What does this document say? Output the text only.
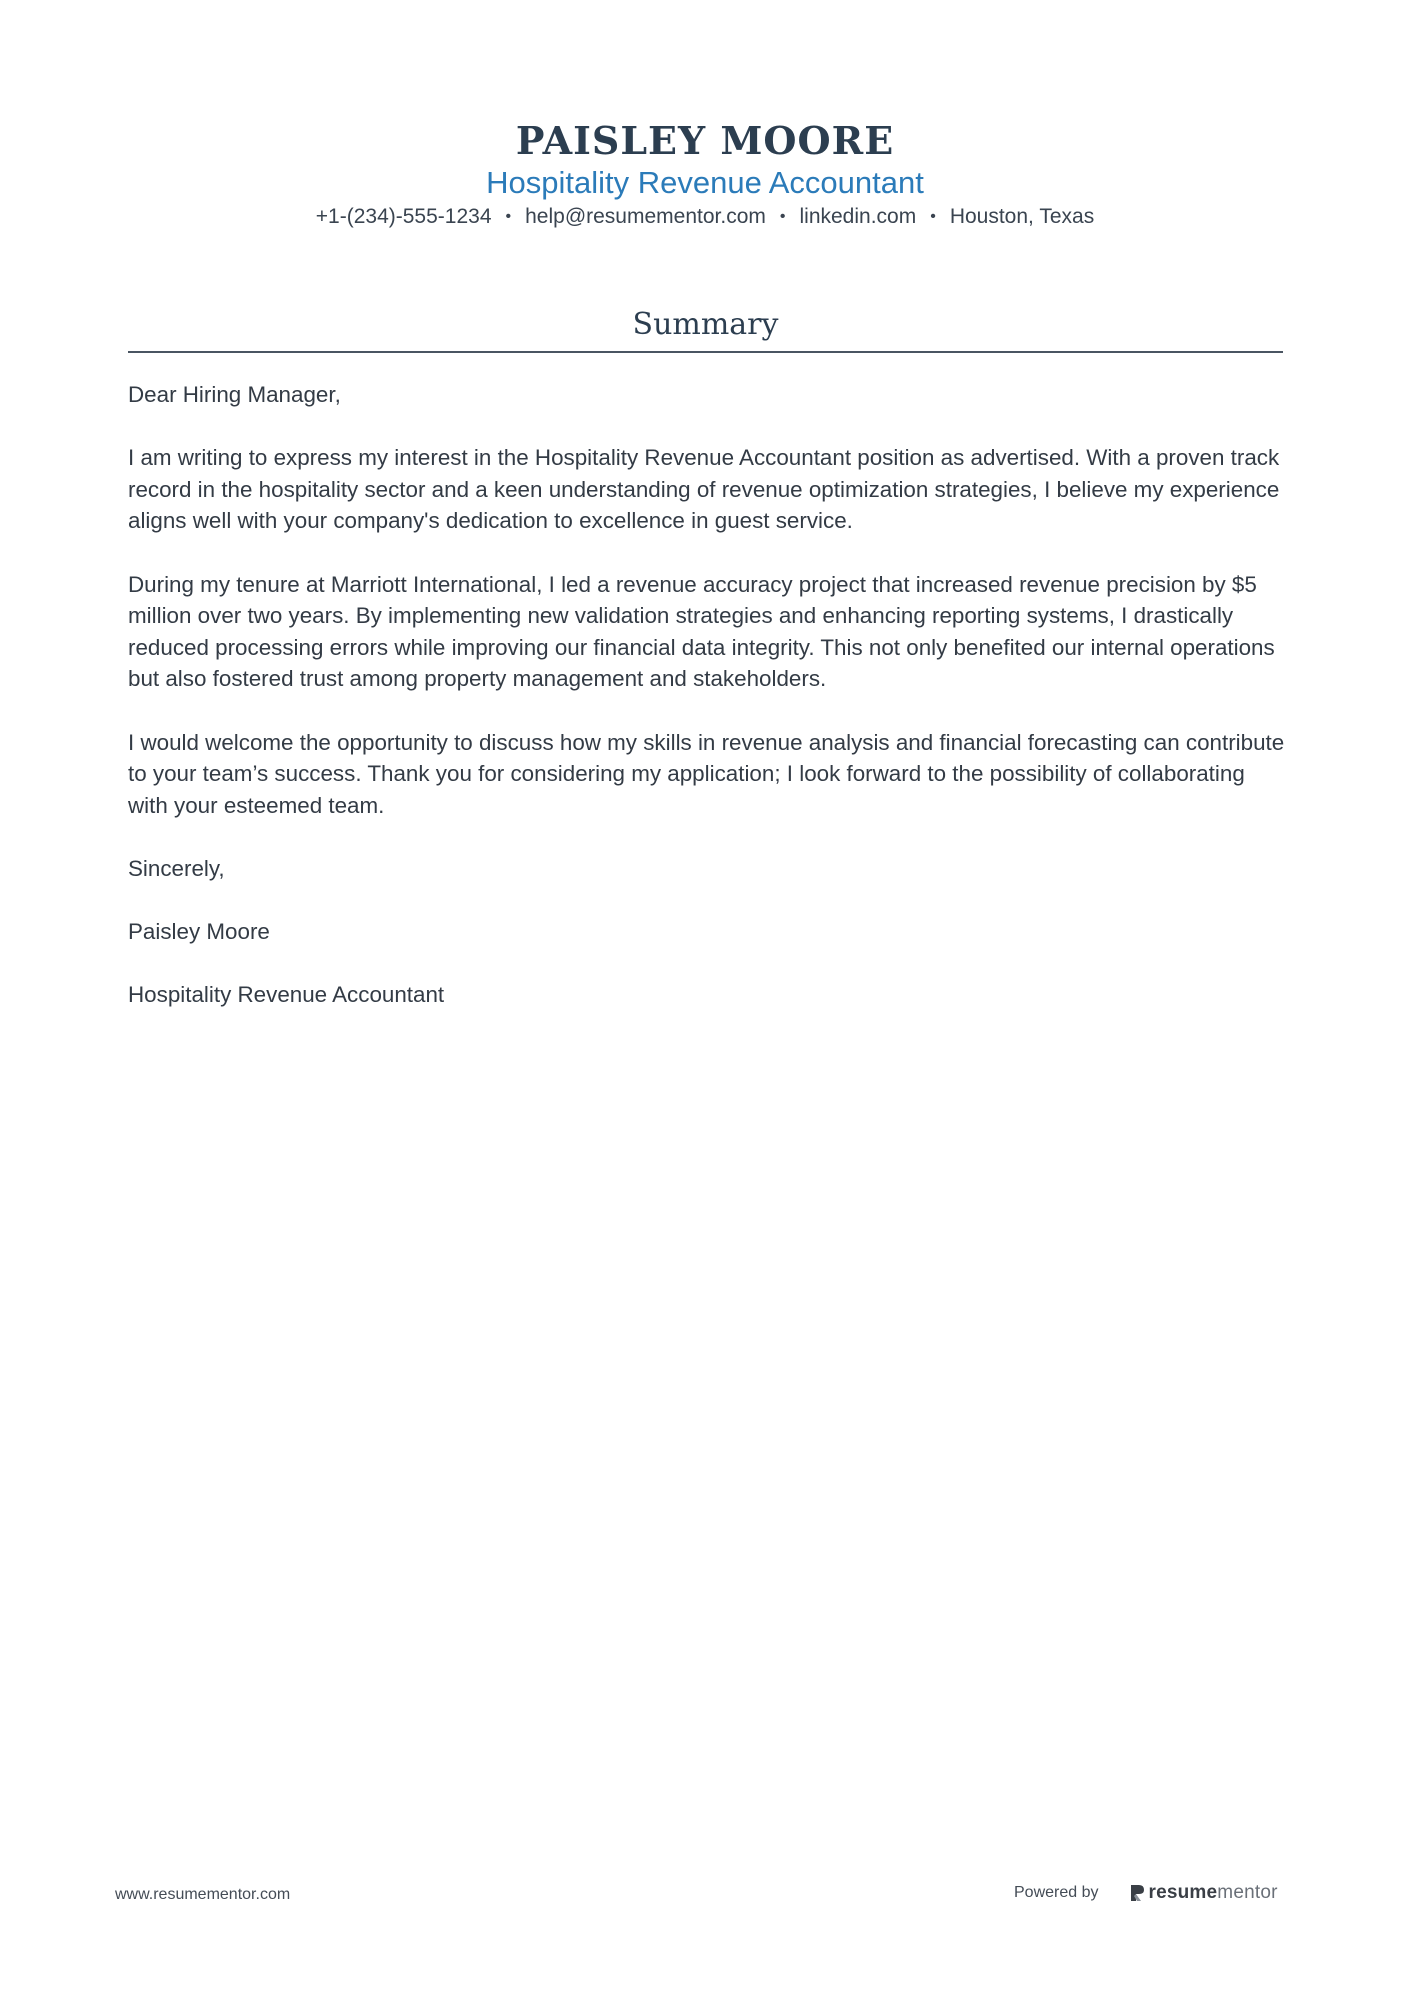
PAISLEY MOORE
Hospitality Revenue Accountant
+1-(234)-555-1234 • help@resumementor.com • linkedin.com • Houston, Texas
Summary

Dear Hiring Manager,

I am writing to express my interest in the Hospitality Revenue Accountant position as advertised. With a proven track record in the hospitality sector and a keen understanding of revenue optimization strategies, I believe my experience aligns well with your company's dedication to excellence in guest service.

During my tenure at Marriott International, I led a revenue accuracy project that increased revenue precision by $5 million over two years. By implementing new validation strategies and enhancing reporting systems, I drastically reduced processing errors while improving our financial data integrity. This not only benefited our internal operations but also fostered trust among property management and stakeholders.

I would welcome the opportunity to discuss how my skills in revenue analysis and financial forecasting can contribute to your team’s success. Thank you for considering my application; I look forward to the possibility of collaborating with your esteemed team.

Sincerely,

Paisley Moore

Hospitality Revenue Accountant

www.resumementor.com	Powered by	resumementor
